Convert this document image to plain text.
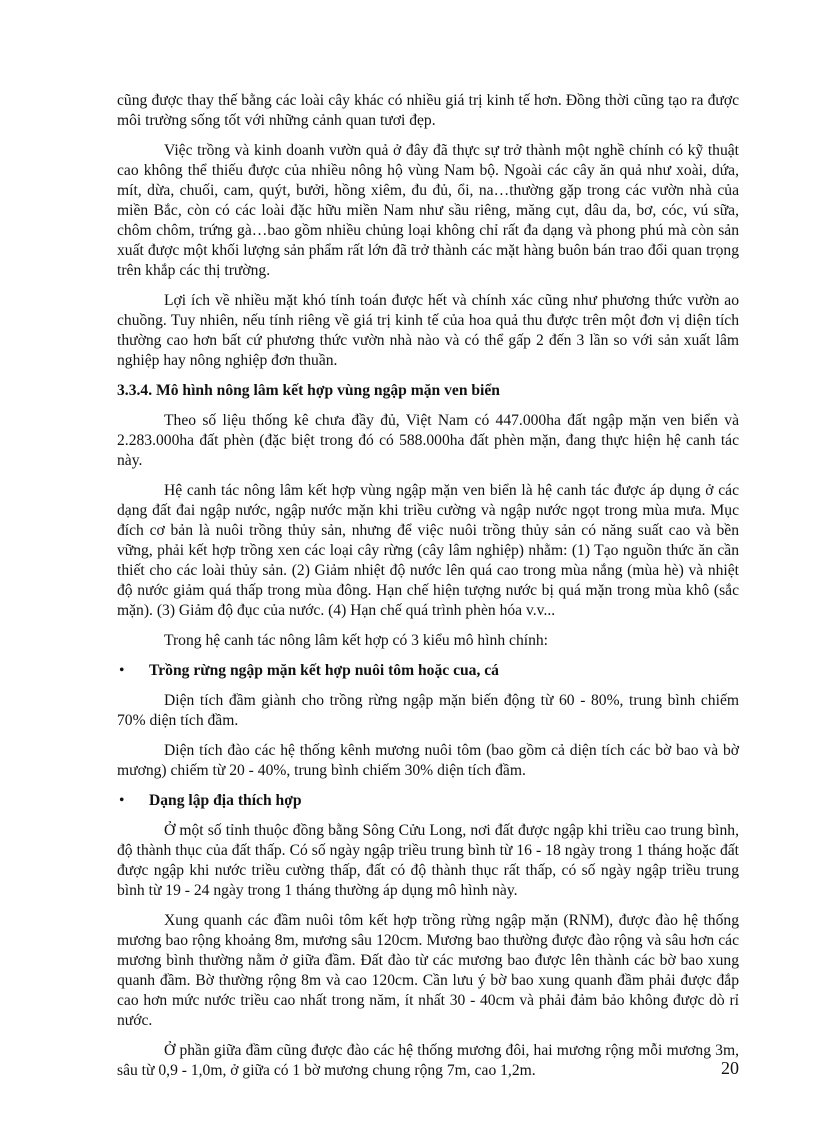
cũng được thay thế bằng các loài cây khác có nhiều giá trị kinh tế hơn. Đồng thời cũng tạo ra được môi trường sống tốt với những cảnh quan tươi đẹp.

Việc trồng và kinh doanh vườn quả ở đây đã thực sự trở thành một nghề chính có kỹ thuật cao không thể thiếu được của nhiều nông hộ vùng Nam bộ. Ngoài các cây ăn quả như xoài, dứa, mít, dừa, chuối, cam, quýt, bưởi, hồng xiêm, đu đủ, ổi, na…thường gặp trong các vườn nhà của miền Bắc, còn có các loài đặc hữu miền Nam như sầu riêng, măng cụt, dâu da, bơ, cóc, vú sữa, chôm chôm, trứng gà…bao gồm nhiều chủng loại không chỉ rất đa dạng và phong phú mà còn sản xuất được một khối lượng sản phẩm rất lớn đã trở thành các mặt hàng buôn bán trao đổi quan trọng trên khắp các thị trường.

Lợi ích về nhiều mặt khó tính toán được hết và chính xác cũng như phương thức vườn ao chuồng. Tuy nhiên, nếu tính riêng về giá trị kinh tế của hoa quả thu được trên một đơn vị diện tích thường cao hơn bất cứ phương thức vườn nhà nào và có thể gấp 2 đến 3 lần so với sản xuất lâm nghiệp hay nông nghiệp đơn thuần.

3.3.4. Mô hình nông lâm kết hợp vùng ngập mặn ven biển

Theo số liệu thống kê chưa đầy đủ, Việt Nam có 447.000ha đất ngập mặn ven biển và 2.283.000ha đất phèn (đặc biệt trong đó có 588.000ha đất phèn mặn, đang thực hiện hệ canh tác này.

Hệ canh tác nông lâm kết hợp vùng ngập mặn ven biển là hệ canh tác được áp dụng ở các dạng đất đai ngập nước, ngập nước mặn khi triều cường và ngập nước ngọt trong mùa mưa. Mục đích cơ bản là nuôi trồng thủy sản, nhưng để việc nuôi trồng thủy sản có năng suất cao và bền vững, phải kết hợp trồng xen các loại cây rừng (cây lâm nghiệp) nhằm: (1) Tạo nguồn thức ăn cần thiết cho các loài thủy sản. (2) Giảm nhiệt độ nước lên quá cao trong mùa nắng (mùa hè) và nhiệt độ nước giảm quá thấp trong mùa đông. Hạn chế hiện tượng nước bị quá mặn trong mùa khô (sắc mặn). (3) Giảm độ đục của nước. (4) Hạn chế quá trình phèn hóa v.v...

Trong hệ canh tác nông lâm kết hợp có 3 kiểu mô hình chính:

•	Trồng rừng ngập mặn kết hợp nuôi tôm hoặc cua, cá

Diện tích đầm giành cho trồng rừng ngập mặn biến động từ 60 - 80%, trung bình chiếm 70% diện tích đầm.

Diện tích đào các hệ thống kênh mương nuôi tôm (bao gồm cả diện tích các bờ bao và bờ mương) chiếm từ 20 - 40%, trung bình chiếm 30% diện tích đầm.

•	Dạng lập địa thích hợp

Ở một số tỉnh thuộc đồng bằng Sông Cửu Long, nơi đất được ngập khi triều cao trung bình, độ thành thục của đất thấp. Có số ngày ngập triều trung bình từ 16 - 18 ngày trong 1 tháng hoặc đất được ngập khi nước triều cường thấp, đất có độ thành thục rất thấp, có số ngày ngập triều trung bình từ 19 - 24 ngày trong 1 tháng thường áp dụng mô hình này.

Xung quanh các đầm nuôi tôm kết hợp trồng rừng ngập mặn (RNM), được đào hệ thống mương bao rộng khoảng 8m, mương sâu 120cm. Mương bao thường được đào rộng và sâu hơn các mương bình thường nằm ở giữa đầm. Đất đào từ các mương bao được lên thành các bờ bao xung quanh đầm. Bờ thường rộng 8m và cao 120cm. Cần lưu ý bờ bao xung quanh đầm phải được đắp cao hơn mức nước triều cao nhất trong năm, ít nhất 30 - 40cm và phải đảm bảo không được dò rỉ nước.

Ở phần giữa đầm cũng được đào các hệ thống mương đôi, hai mương rộng mỗi mương 3m, sâu từ 0,9 - 1,0m, ở giữa có 1 bờ mương chung rộng 7m, cao 1,2m.	20
